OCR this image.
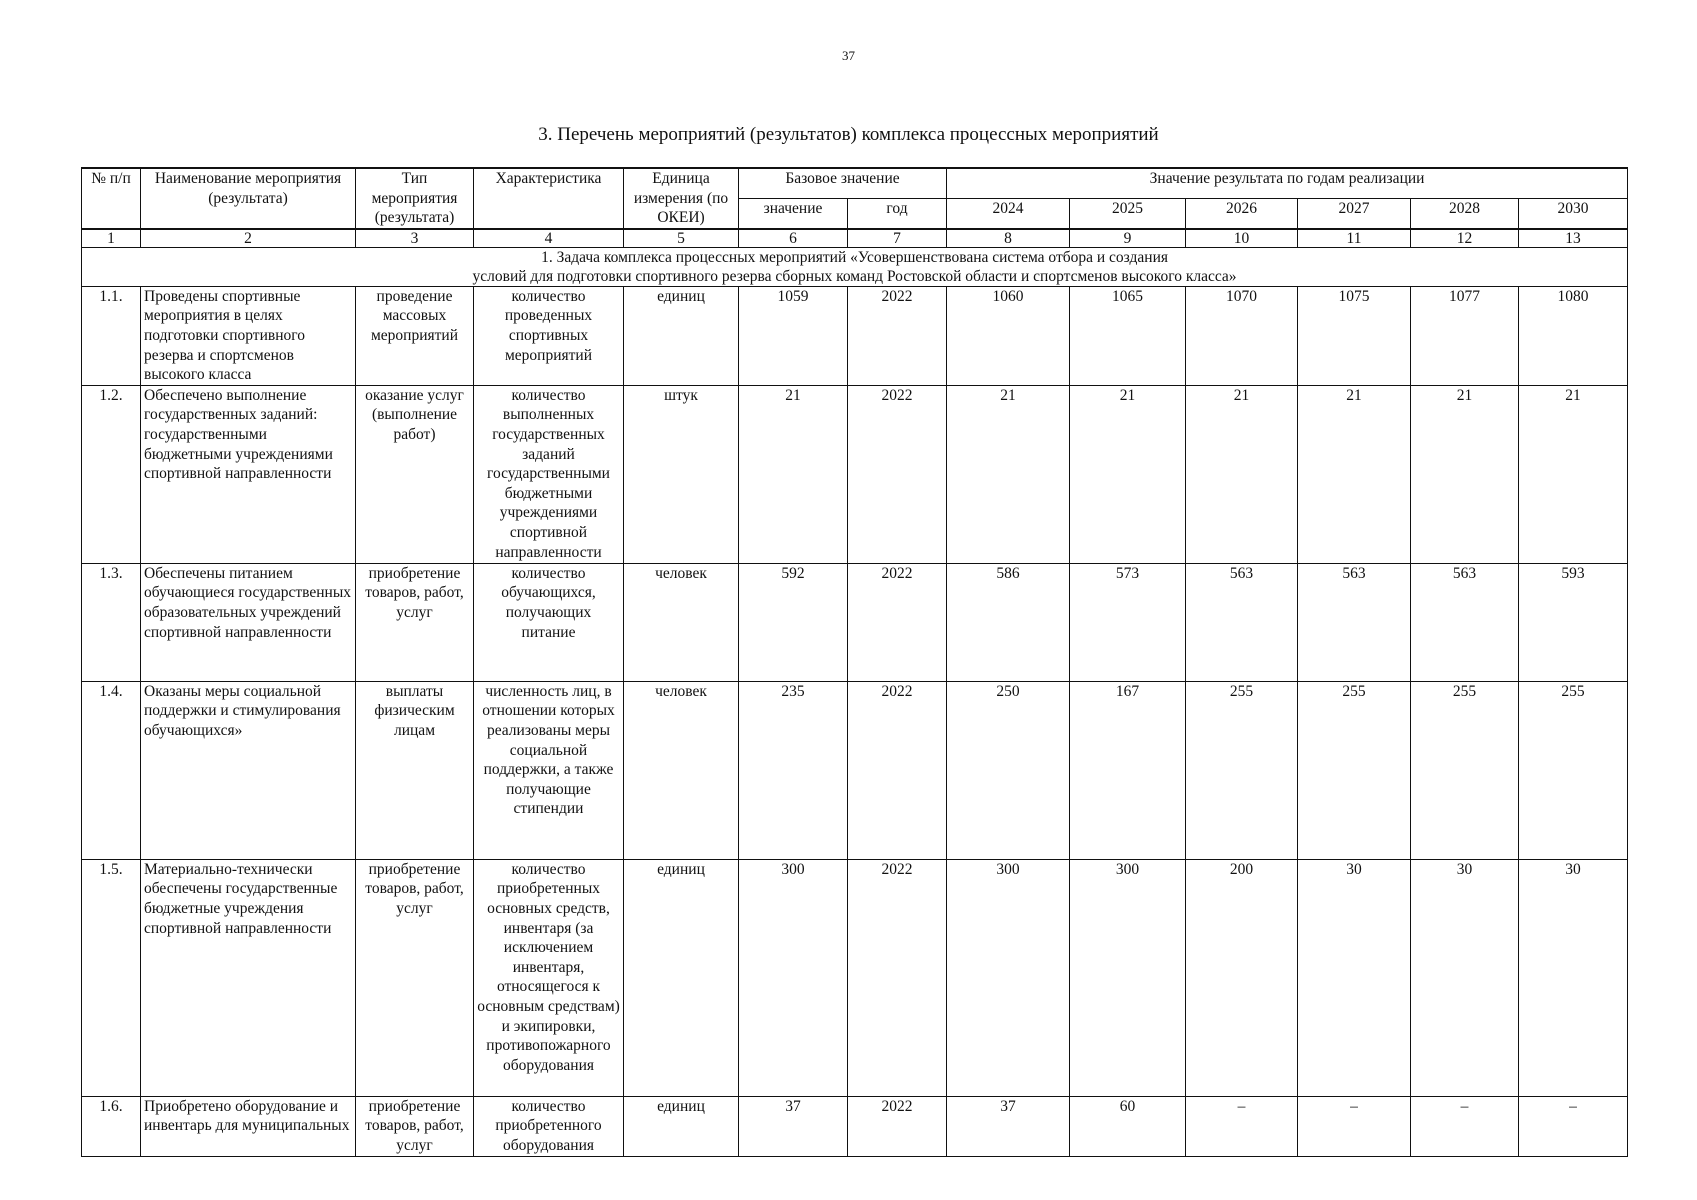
37
3. Перечень мероприятий (результатов) комплекса процессных мероприятий
№ п/п	Наименование мероприятия (результата)	Тип мероприятия (результата)	Характеристика	Единица измерения (по ОКЕИ)	Базовое значение		Значение результата по годам реализации					
					значение	год	2024	2025	2026	2027	2028	2030
1	2	3	4	5	6	7	8	9	10	11	12	13

1. Задача комплекса процессных мероприятий «Усовершенствована система отбора и создания
условий для подготовки спортивного резерва сборных команд Ростовской области и спортсменов высокого класса»												

1.1.	Проведены спортивные мероприятия в целях подготовки спортивного резерва и спортсменов высокого класса	проведение массовых мероприятий	количество проведенных спортивных мероприятий	единиц	1059	2022	1060	1065	1070	1075	1077	1080
1.2.	Обеспечено выполнение государственных заданий: государственными бюджетными учреждениями спортивной направленности	оказание услуг (выполнение работ)	количество выполненных государственных заданий государственными бюджетными учреждениями спортивной направленности	штук	21	2022	21	21	21	21	21	21
1.3.	Обеспечены питанием обучающиеся государственных образовательных учреждений спортивной направленности	приобретение товаров, работ, услуг	количество обучающихся, получающих питание	человек	592	2022	586	573	563	563	563	593
1.4.	Оказаны меры социальной поддержки и стимулирования обучающихся»	выплаты физическим лицам	численность лиц, в отношении которых реализованы меры социальной поддержки, а также получающие стипендии	человек	235	2022	250	167	255	255	255	255
1.5.	Материально-технически обеспечены государственные бюджетные учреждения спортивной направленности	приобретение товаров, работ, услуг	количество приобретенных основных средств, инвентаря (за исключением инвентаря, относящегося к основным средствам) и экипировки, противопожарного оборудования	единиц	300	2022	300	300	200	30	30	30
1.6.	Приобретено оборудование и инвентарь для муниципальных	приобретение товаров, работ, услуг	количество приобретенного оборудования	единиц	37	2022	37	60	–	–	–	–
